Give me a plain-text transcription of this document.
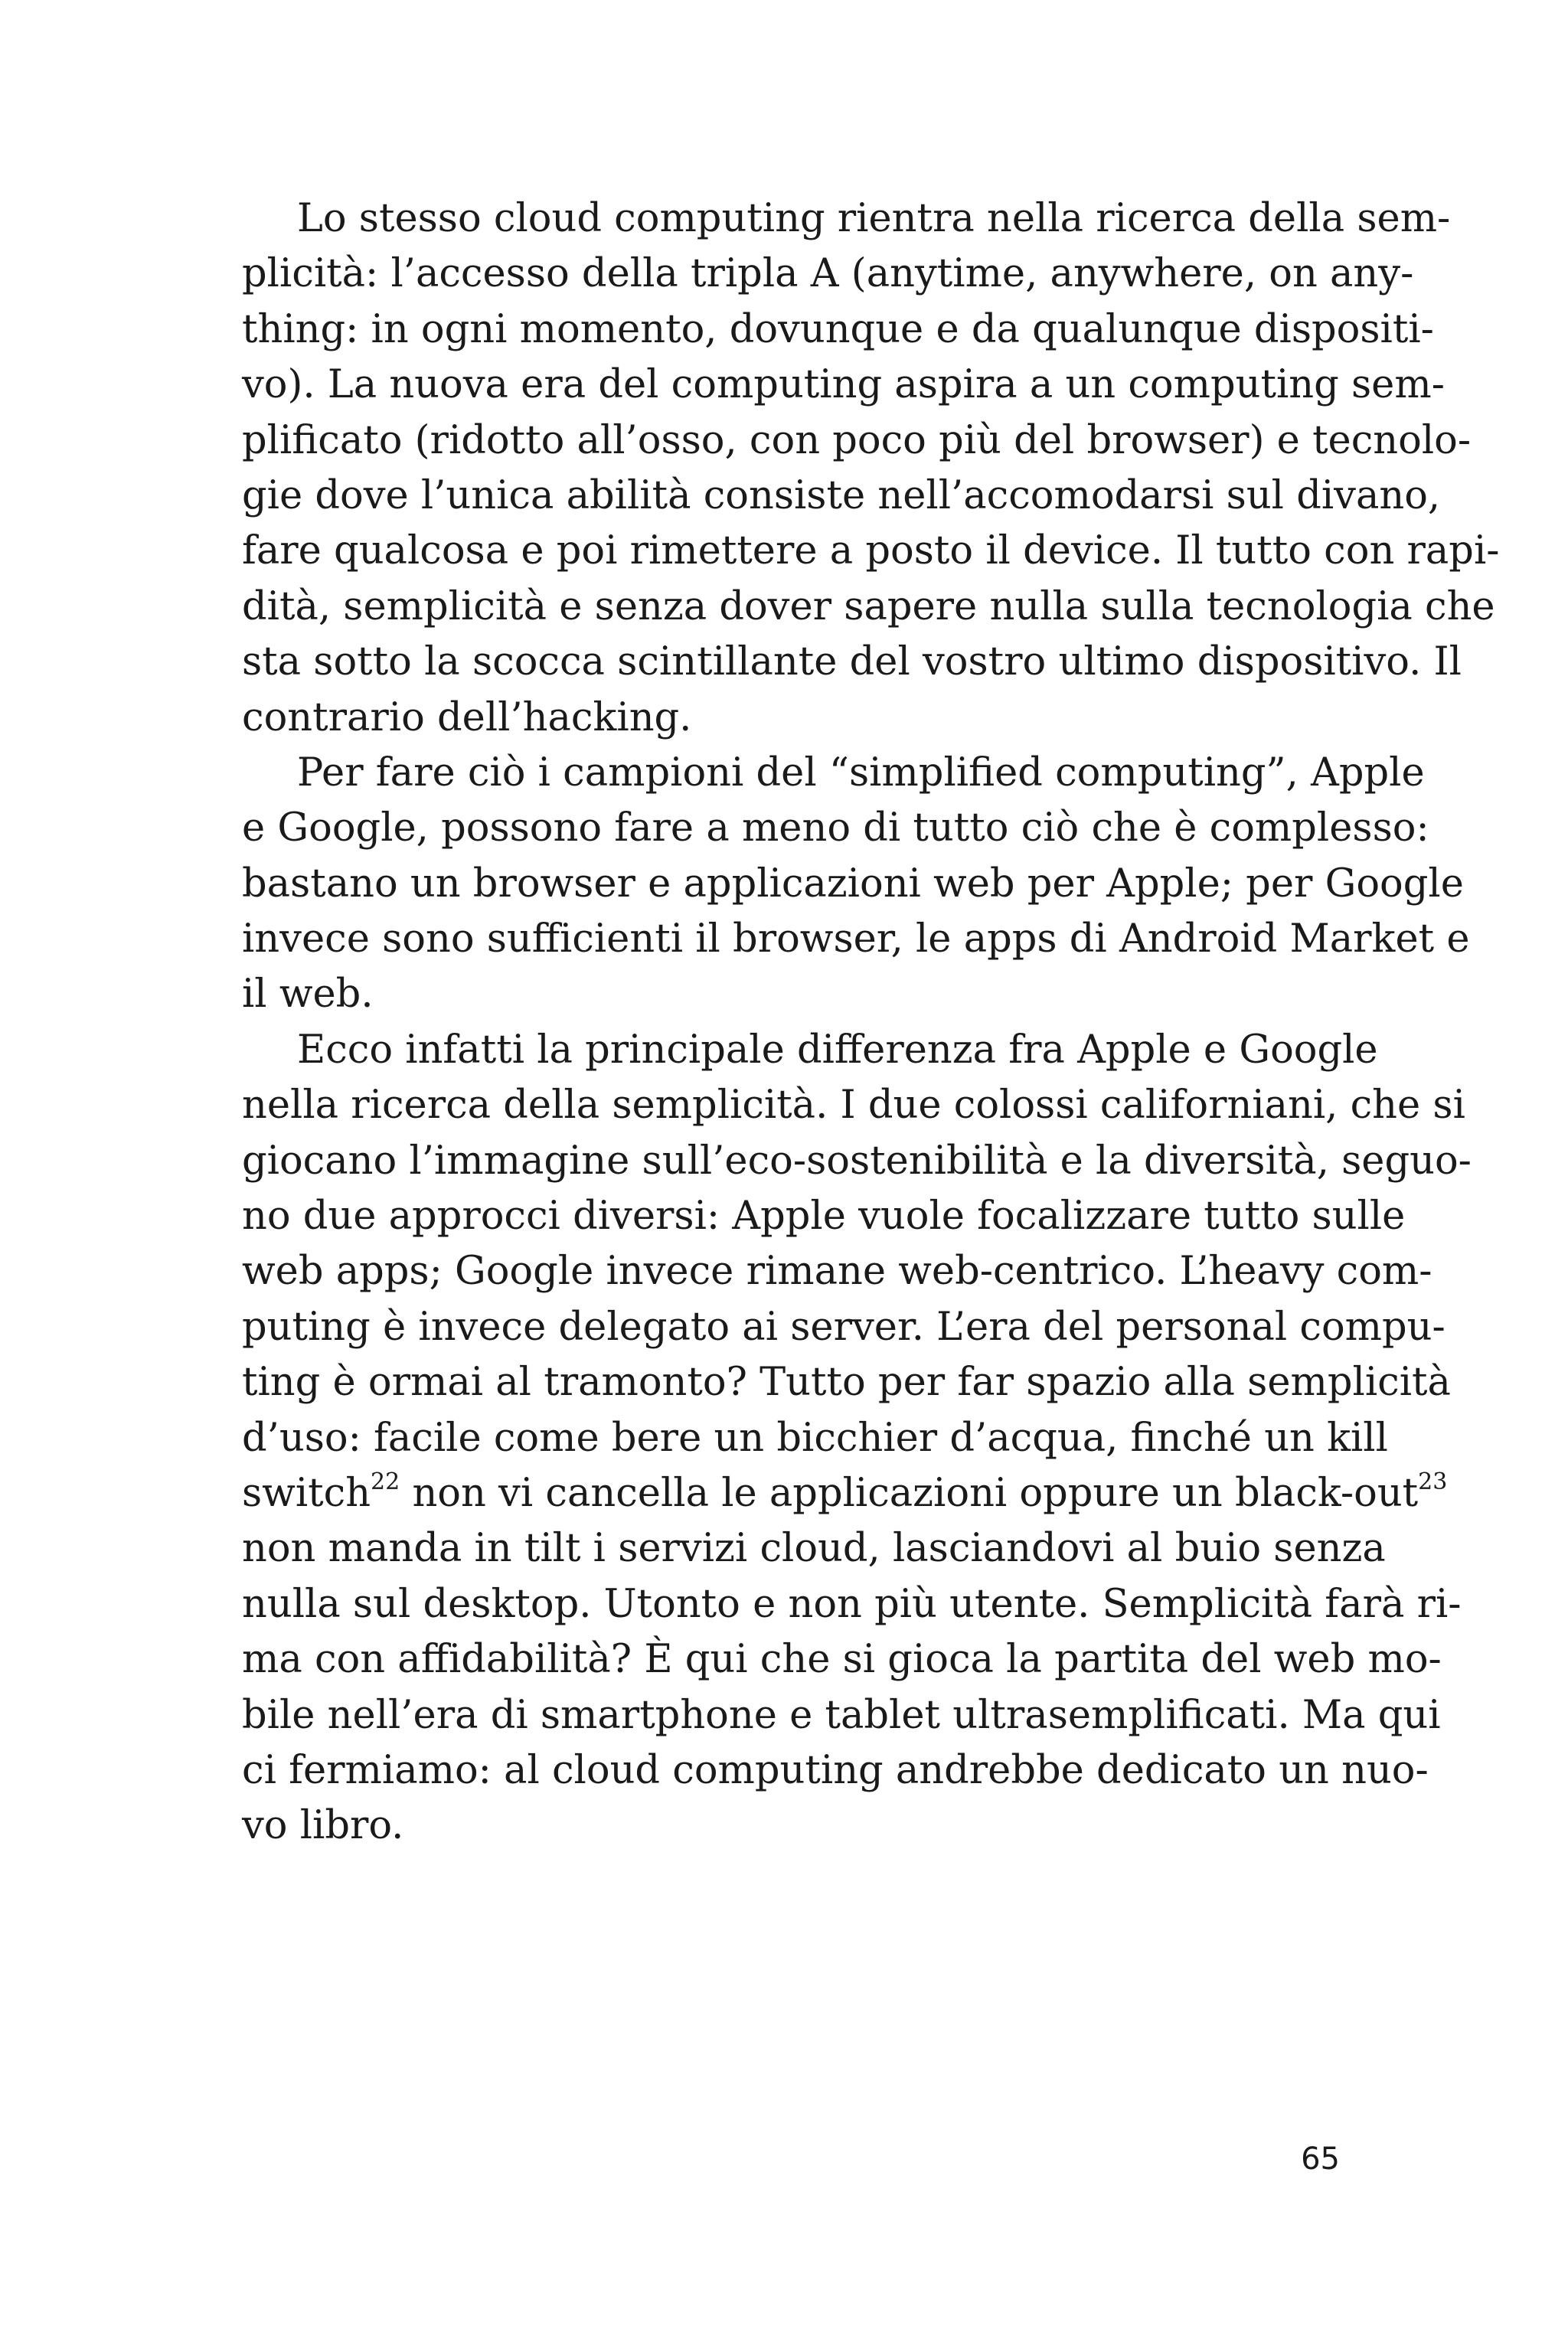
Lo stesso cloud computing rientra nella ricerca della sem-
plicità: l’accesso della tripla A (anytime, anywhere, on any-
thing: in ogni momento, dovunque e da qualunque dispositi-
vo). La nuova era del computing aspira a un computing sem-
plificato (ridotto all’osso, con poco più del browser) e tecnolo-
gie dove l’unica abilità consiste nell’accomodarsi sul divano,
fare qualcosa e poi rimettere a posto il device. Il tutto con rapi-
dità, semplicità e senza dover sapere nulla sulla tecnologia che
sta sotto la scocca scintillante del vostro ultimo dispositivo. Il
contrario dell’hacking.

Per fare ciò i campioni del “simplified computing”, Apple
e Google, possono fare a meno di tutto ciò che è complesso:
bastano un browser e applicazioni web per Apple; per Google
invece sono sufficienti il browser, le apps di Android Market e
il web.

Ecco infatti la principale differenza fra Apple e Google
nella ricerca della semplicità. I due colossi californiani, che si
giocano l’immagine sull’eco-sostenibilità e la diversità, seguo-
no due approcci diversi: Apple vuole focalizzare tutto sulle
web apps; Google invece rimane web-centrico. L’heavy com-
puting è invece delegato ai server. L’era del personal compu-
ting è ormai al tramonto? Tutto per far spazio alla semplicità
d’uso: facile come bere un bicchier d’acqua, finché un kill
switch$^{22}$ non vi cancella le applicazioni oppure un black-out$^{23}$
non manda in tilt i servizi cloud, lasciandovi al buio senza
nulla sul desktop. Utonto e non più utente. Semplicità farà ri-
ma con affidabilità? È qui che si gioca la partita del web mo-
bile nell’era di smartphone e tablet ultrasemplificati. Ma qui
ci fermiamo: al cloud computing andrebbe dedicato un nuo-
vo libro.

65
